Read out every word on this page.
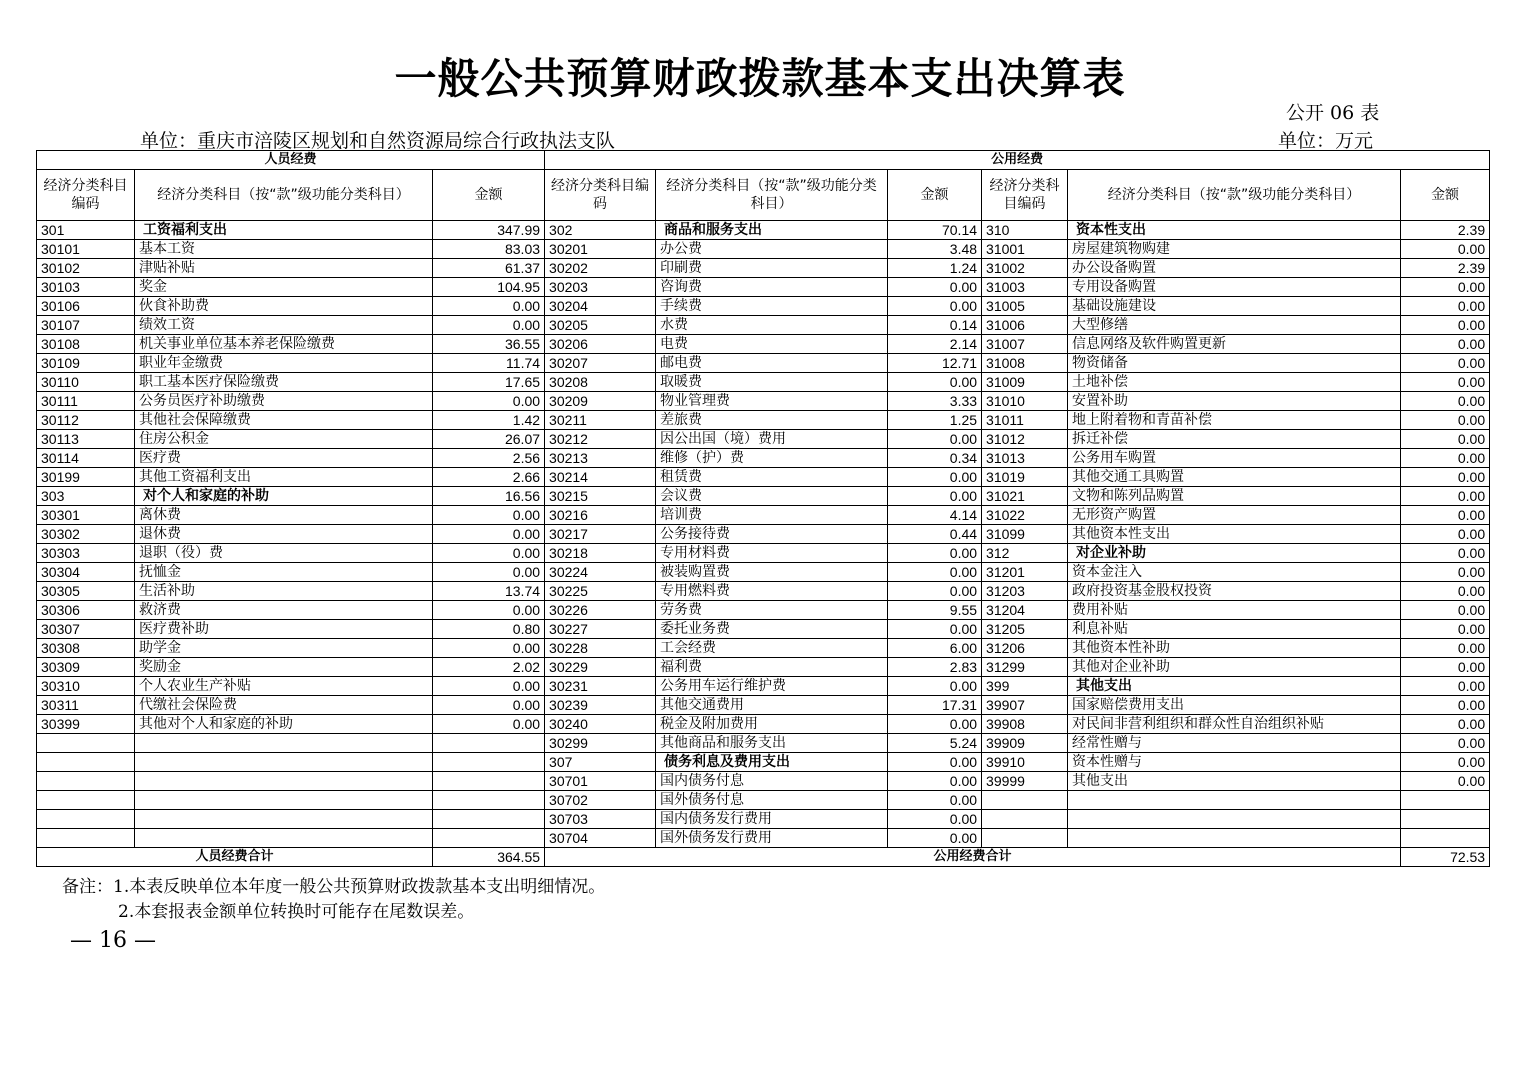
一般公共预算财政拨款基本支出决算表
公开 06 表
单位：重庆市涪陵区规划和自然资源局综合行政执法支队	单位：万元
人员经费			公用经费					
经济分类科目编码	经济分类科目（按“款”级功能分类科目）	金额	经济分类科目编码	经济分类科目（按“款”级功能分类科目）	金额	经济分类科目编码	经济分类科目（按“款”级功能分类科目）	金额
301	工资福利支出	347.99	302	商品和服务支出	70.14	310	资本性支出	2.39
30101	基本工资	83.03	30201	办公费	3.48	31001	房屋建筑物购建	0.00
30102	津贴补贴	61.37	30202	印刷费	1.24	31002	办公设备购置	2.39
30103	奖金	104.95	30203	咨询费	0.00	31003	专用设备购置	0.00
30106	伙食补助费	0.00	30204	手续费	0.00	31005	基础设施建设	0.00
30107	绩效工资	0.00	30205	水费	0.14	31006	大型修缮	0.00
30108	机关事业单位基本养老保险缴费	36.55	30206	电费	2.14	31007	信息网络及软件购置更新	0.00
30109	职业年金缴费	11.74	30207	邮电费	12.71	31008	物资储备	0.00
30110	职工基本医疗保险缴费	17.65	30208	取暖费	0.00	31009	土地补偿	0.00
30111	公务员医疗补助缴费	0.00	30209	物业管理费	3.33	31010	安置补助	0.00
30112	其他社会保障缴费	1.42	30211	差旅费	1.25	31011	地上附着物和青苗补偿	0.00
30113	住房公积金	26.07	30212	因公出国（境）费用	0.00	31012	拆迁补偿	0.00
30114	医疗费	2.56	30213	维修（护）费	0.34	31013	公务用车购置	0.00
30199	其他工资福利支出	2.66	30214	租赁费	0.00	31019	其他交通工具购置	0.00
303	对个人和家庭的补助	16.56	30215	会议费	0.00	31021	文物和陈列品购置	0.00
30301	离休费	0.00	30216	培训费	4.14	31022	无形资产购置	0.00
30302	退休费	0.00	30217	公务接待费	0.44	31099	其他资本性支出	0.00
30303	退职（役）费	0.00	30218	专用材料费	0.00	312	对企业补助	0.00
30304	抚恤金	0.00	30224	被装购置费	0.00	31201	资本金注入	0.00
30305	生活补助	13.74	30225	专用燃料费	0.00	31203	政府投资基金股权投资	0.00
30306	救济费	0.00	30226	劳务费	9.55	31204	费用补贴	0.00
30307	医疗费补助	0.80	30227	委托业务费	0.00	31205	利息补贴	0.00
30308	助学金	0.00	30228	工会经费	6.00	31206	其他资本性补助	0.00
30309	奖励金	2.02	30229	福利费	2.83	31299	其他对企业补助	0.00
30310	个人农业生产补贴	0.00	30231	公务用车运行维护费	0.00	399	其他支出	0.00
30311	代缴社会保险费	0.00	30239	其他交通费用	17.31	39907	国家赔偿费用支出	0.00
30399	其他对个人和家庭的补助	0.00	30240	税金及附加费用	0.00	39908	对民间非营利组织和群众性自治组织补贴	0.00
			30299	其他商品和服务支出	5.24	39909	经常性赠与	0.00
			307	债务利息及费用支出	0.00	39910	资本性赠与	0.00
			30701	国内债务付息	0.00	39999	其他支出	0.00
			30702	国外债务付息	0.00			
			30703	国内债务发行费用	0.00			
			30704	国外债务发行费用	0.00			
人员经费合计		364.55	公用经费合计					72.53
备注：1.本表反映单位本年度一般公共预算财政拨款基本支出明细情况。
2.本套报表金额单位转换时可能存在尾数误差。
— 16 —
